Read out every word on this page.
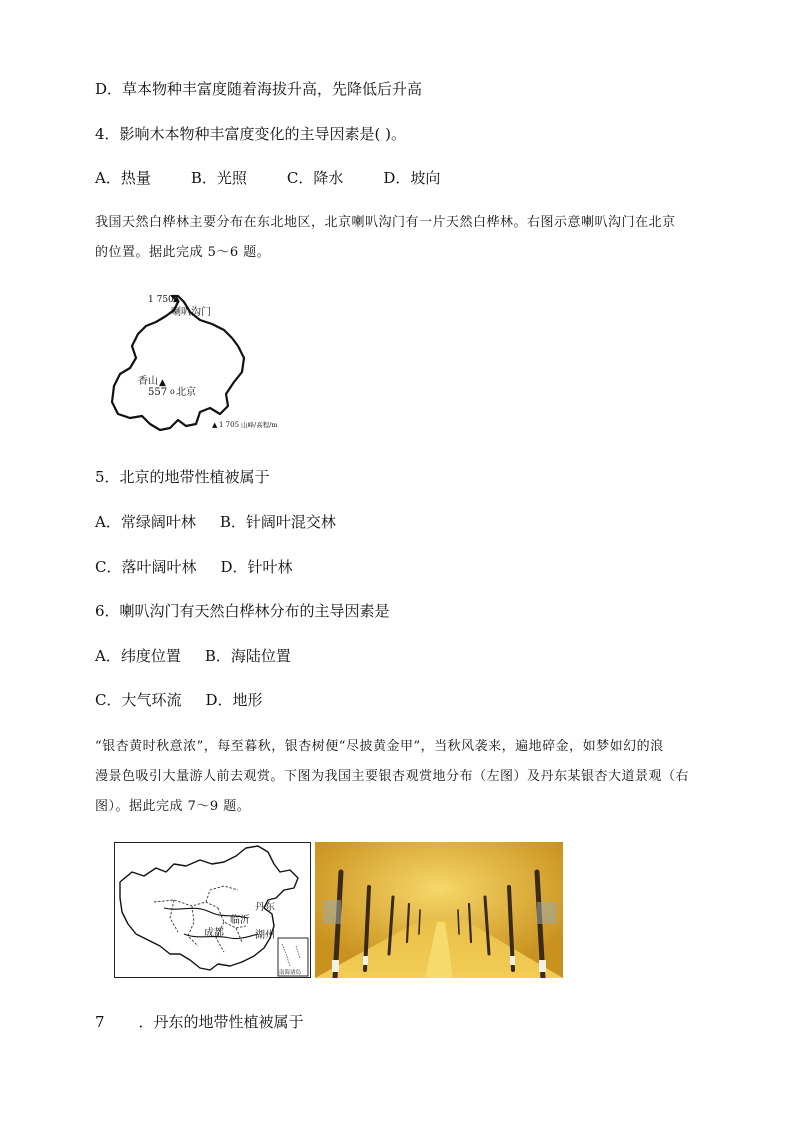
D．草本物种丰富度随着海拔升高，先降低后升高
4．影响木本物种丰富度变化的主导因素是( )。
A．热量	B．光照	C．降水	D．坡向
我国天然白桦林主要分布在东北地区，北京喇叭沟门有一片天然白桦林。右图示意喇叭沟门在北京
的位置。据此完成 5～6 题。
1 750 ▲
喇叭沟门
香山 ▲
557 o 北京
▲ 1 705 山峰/高程/m
5．北京的地带性植被属于
A．常绿阔叶林 B．针阔叶混交林
C．落叶阔叶林 D．针叶林
6．喇叭沟门有天然白桦林分布的主导因素是
A．纬度位置 B．海陆位置
C．大气环流 D．地形
“银杏黄时秋意浓”，每至暮秋，银杏树便“尽披黄金甲”，当秋风袭来，遍地碎金，如梦如幻的浪
漫景色吸引大量游人前去观赏。下图为我国主要银杏观赏地分布（左图）及丹东某银杏大道景观（右
图）。据此完成 7～9 题。
南海诸岛
丹东
临沂
成都	湖州
7 ．丹东的地带性植被属于
